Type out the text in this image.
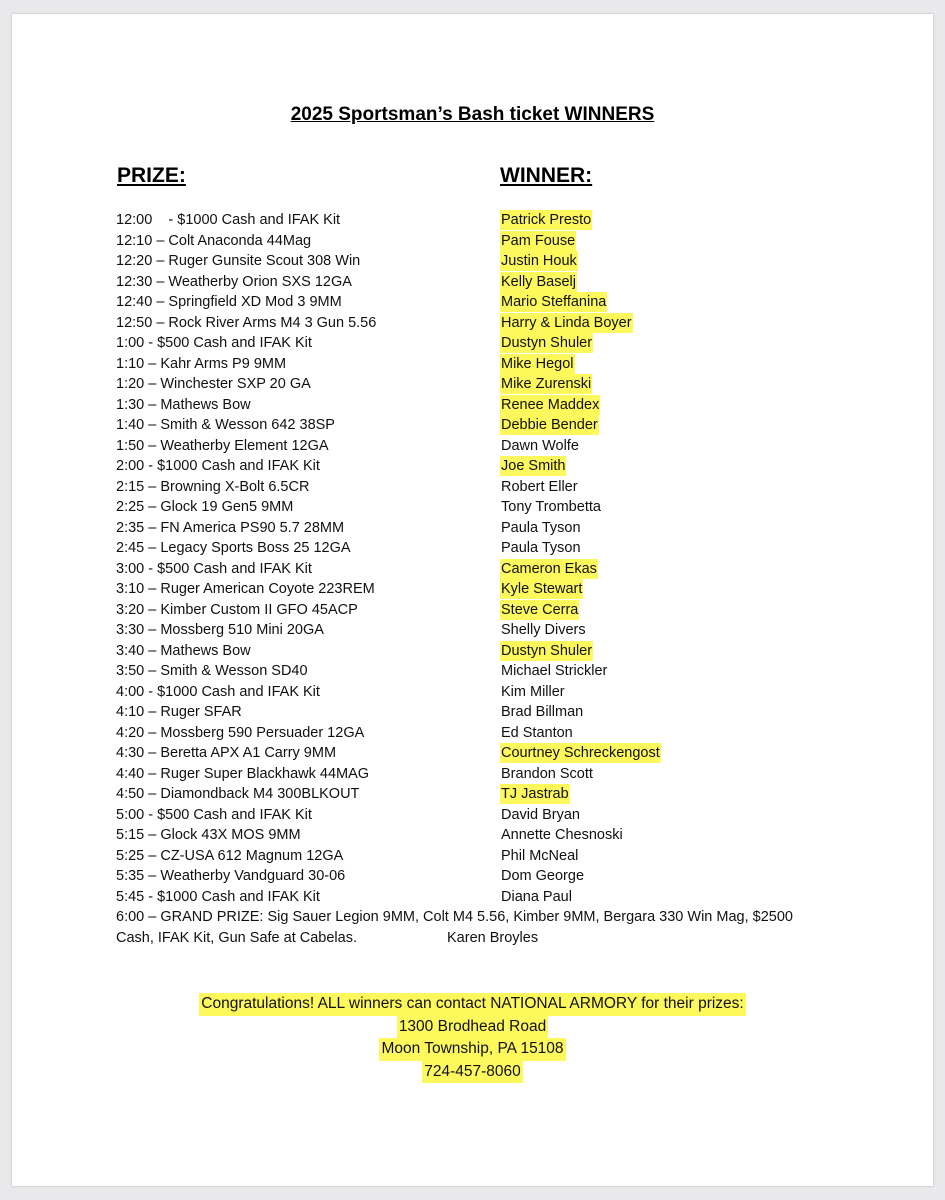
2025 Sportsman’s Bash ticket WINNERS
PRIZE:	WINNER:
12:00    - $1000 Cash and IFAK Kit	Patrick Presto
12:10 – Colt Anaconda 44Mag	Pam Fouse
12:20 – Ruger Gunsite Scout 308 Win	Justin Houk
12:30 – Weatherby Orion SXS 12GA	Kelly Baselj
12:40 – Springfield XD Mod 3 9MM	Mario Steffanina
12:50 – Rock River Arms M4 3 Gun 5.56	Harry & Linda Boyer
1:00 - $500 Cash and IFAK Kit	Dustyn Shuler
1:10 – Kahr Arms P9 9MM	Mike Hegol
1:20 – Winchester SXP 20 GA	Mike Zurenski
1:30 – Mathews Bow	Renee Maddex
1:40 – Smith & Wesson 642 38SP	Debbie Bender
1:50 – Weatherby Element 12GA	Dawn Wolfe
2:00 - $1000 Cash and IFAK Kit	Joe Smith
2:15 – Browning X-Bolt 6.5CR	Robert Eller
2:25 – Glock 19 Gen5 9MM	Tony Trombetta
2:35 – FN America PS90 5.7 28MM	Paula Tyson
2:45 – Legacy Sports Boss 25 12GA	Paula Tyson
3:00 - $500 Cash and IFAK Kit	Cameron Ekas
3:10 – Ruger American Coyote 223REM	Kyle Stewart
3:20 – Kimber Custom II GFO 45ACP	Steve Cerra
3:30 – Mossberg 510 Mini 20GA	Shelly Divers
3:40 – Mathews Bow	Dustyn Shuler
3:50 – Smith & Wesson SD40	Michael Strickler
4:00 - $1000 Cash and IFAK Kit	Kim Miller
4:10 – Ruger SFAR	Brad Billman
4:20 – Mossberg 590 Persuader 12GA	Ed Stanton
4:30 – Beretta APX A1 Carry 9MM	Courtney Schreckengost
4:40 – Ruger Super Blackhawk 44MAG	Brandon Scott
4:50 – Diamondback M4 300BLKOUT	TJ Jastrab
5:00 - $500 Cash and IFAK Kit	David Bryan
5:15 – Glock 43X MOS 9MM	Annette Chesnoski
5:25 – CZ-USA 612 Magnum 12GA	Phil McNeal
5:35 – Weatherby Vandguard 30-06	Dom George
5:45 - $1000 Cash and IFAK Kit	Diana Paul
6:00 – GRAND PRIZE: Sig Sauer Legion 9MM, Colt M4 5.56, Kimber 9MM, Bergara 330 Win Mag, $2500
Cash, IFAK Kit, Gun Safe at Cabelas.	Karen Broyles
Congratulations! ALL winners can contact NATIONAL ARMORY for their prizes:
1300 Brodhead Road
Moon Township, PA 15108
724-457-8060
